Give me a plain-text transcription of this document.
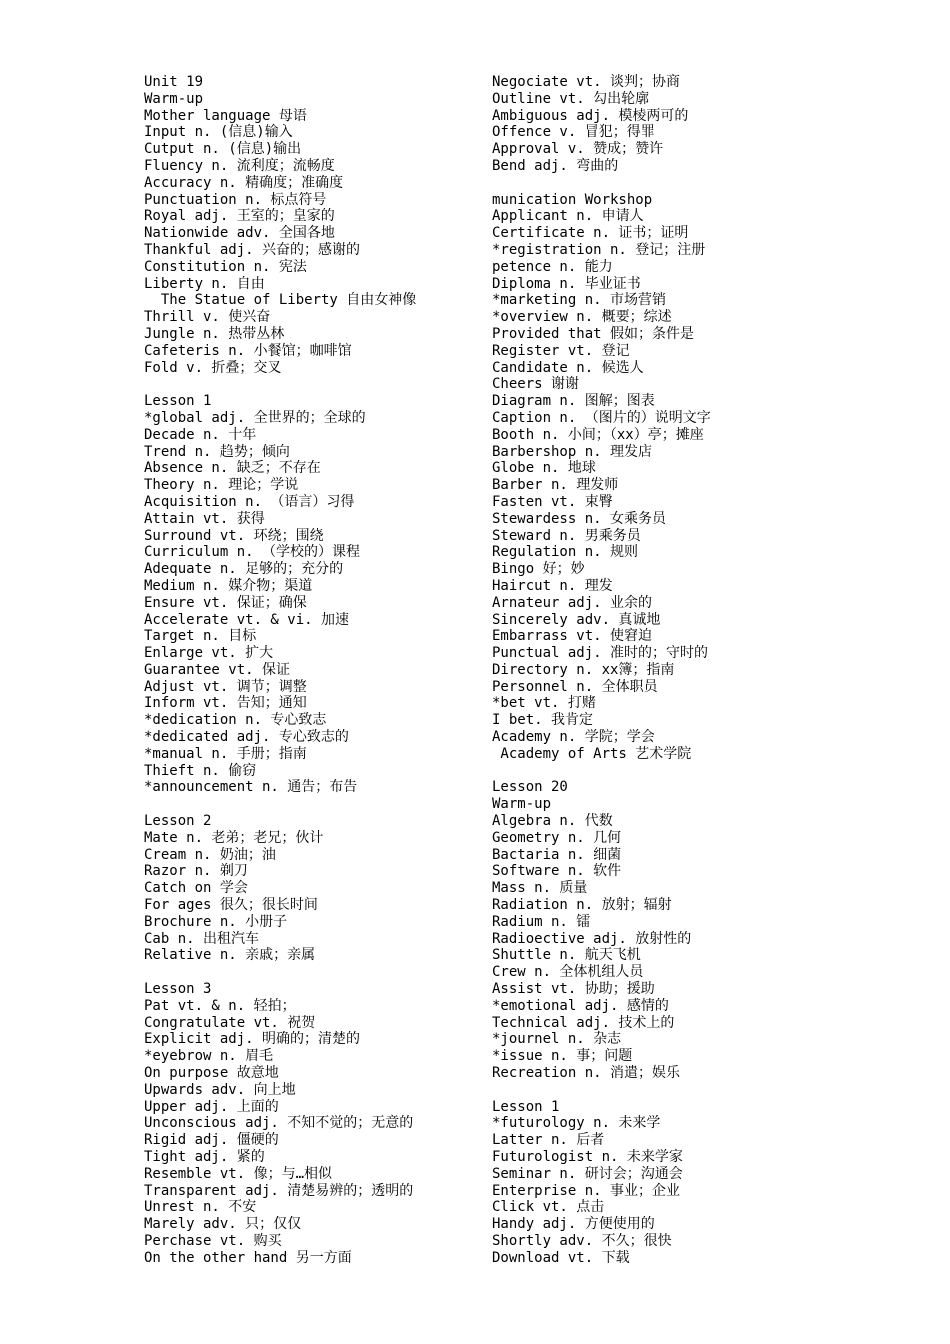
Unit 19
Warm-up
Mother language 母语
Input n. (信息)输入
Cutput n. (信息)输出
Fluency n. 流利度；流畅度
Accuracy n. 精确度；准确度
Punctuation n. 标点符号
Royal adj. 王室的；皇家的
Nationwide adv. 全国各地
Thankful adj. 兴奋的；感谢的
Constitution n. 宪法
Liberty n. 自由
The Statue of Liberty 自由女神像
Thrill v. 使兴奋
Jungle n. 热带丛林
Cafeteris n. 小餐馆；咖啡馆
Fold v. 折叠；交叉
Lesson 1
*global adj. 全世界的；全球的
Decade n. 十年
Trend n. 趋势；倾向
Absence n. 缺乏；不存在
Theory n. 理论；学说
Acquisition n. （语言）习得
Attain vt. 获得
Surround vt. 环绕；围绕
Curriculum n. （学校的）课程
Adequate n. 足够的；充分的
Medium n. 媒介物；渠道
Ensure vt. 保证；确保
Accelerate vt. & vi. 加速
Target n. 目标
Enlarge vt. 扩大
Guarantee vt. 保证
Adjust vt. 调节；调整
Inform vt. 告知；通知
*dedication n. 专心致志
*dedicated adj. 专心致志的
*manual n. 手册；指南
Thieft n. 偷窃
*announcement n. 通告；布告
Lesson 2
Mate n. 老弟；老兄；伙计
Cream n. 奶油；油
Razor n. 剃刀
Catch on 学会
For ages 很久；很长时间
Brochure n. 小册子
Cab n. 出租汽车
Relative n. 亲戚；亲属
Lesson 3
Pat vt. & n. 轻拍；
Congratulate vt. 祝贺
Explicit adj. 明确的；清楚的
*eyebrow n. 眉毛
On purpose 故意地
Upwards adv. 向上地
Upper adj. 上面的
Unconscious adj. 不知不觉的；无意的
Rigid adj. 僵硬的
Tight adj. 紧的
Resemble vt. 像；与…相似
Transparent adj. 清楚易辨的；透明的
Unrest n. 不安
Marely adv. 只；仅仅
Perchase vt. 购买
On the other hand 另一方面
Negociate vt. 谈判；协商
Outline vt. 勾出轮廓
Ambiguous adj. 模棱两可的
Offence v. 冒犯；得罪
Approval v. 赞成；赞许
Bend adj. 弯曲的
munication Workshop
Applicant n. 申请人
Certificate n. 证书；证明
*registration n. 登记；注册
petence n. 能力
Diploma n. 毕业证书
*marketing n. 市场营销
*overview n. 概要；综述
Provided that 假如；条件是
Register vt. 登记
Candidate n. 候选人
Cheers 谢谢
Diagram n. 图解；图表
Caption n. （图片的）说明文字
Booth n. 小间；（xx）亭；摊座
Barbershop n. 理发店
Globe n. 地球
Barber n. 理发师
Fasten vt. 束臀
Stewardess n. 女乘务员
Steward n. 男乘务员
Regulation n. 规则
Bingo 好；妙
Haircut n. 理发
Arnateur adj. 业余的
Sincerely adv. 真诚地
Embarrass vt. 使窘迫
Punctual adj. 准时的；守时的
Directory n. xx簿；指南
Personnel n. 全体职员
*bet vt. 打赌
I bet. 我肯定
Academy n. 学院；学会
Academy of Arts 艺术学院
Lesson 20
Warm-up
Algebra n. 代数
Geometry n. 几何
Bactaria n. 细菌
Software n. 软件
Mass n. 质量
Radiation n. 放射；辐射
Radium n. 镭
Radioective adj. 放射性的
Shuttle n. 航天飞机
Crew n. 全体机组人员
Assist vt. 协助；援助
*emotional adj. 感情的
Technical adj. 技术上的
*journel n. 杂志
*issue n. 事；问题
Recreation n. 消遣；娱乐
Lesson 1
*futurology n. 未来学
Latter n. 后者
Futurologist n. 未来学家
Seminar n. 研讨会；沟通会
Enterprise n. 事业；企业
Click vt. 点击
Handy adj. 方便使用的
Shortly adv. 不久；很快
Download vt. 下载
